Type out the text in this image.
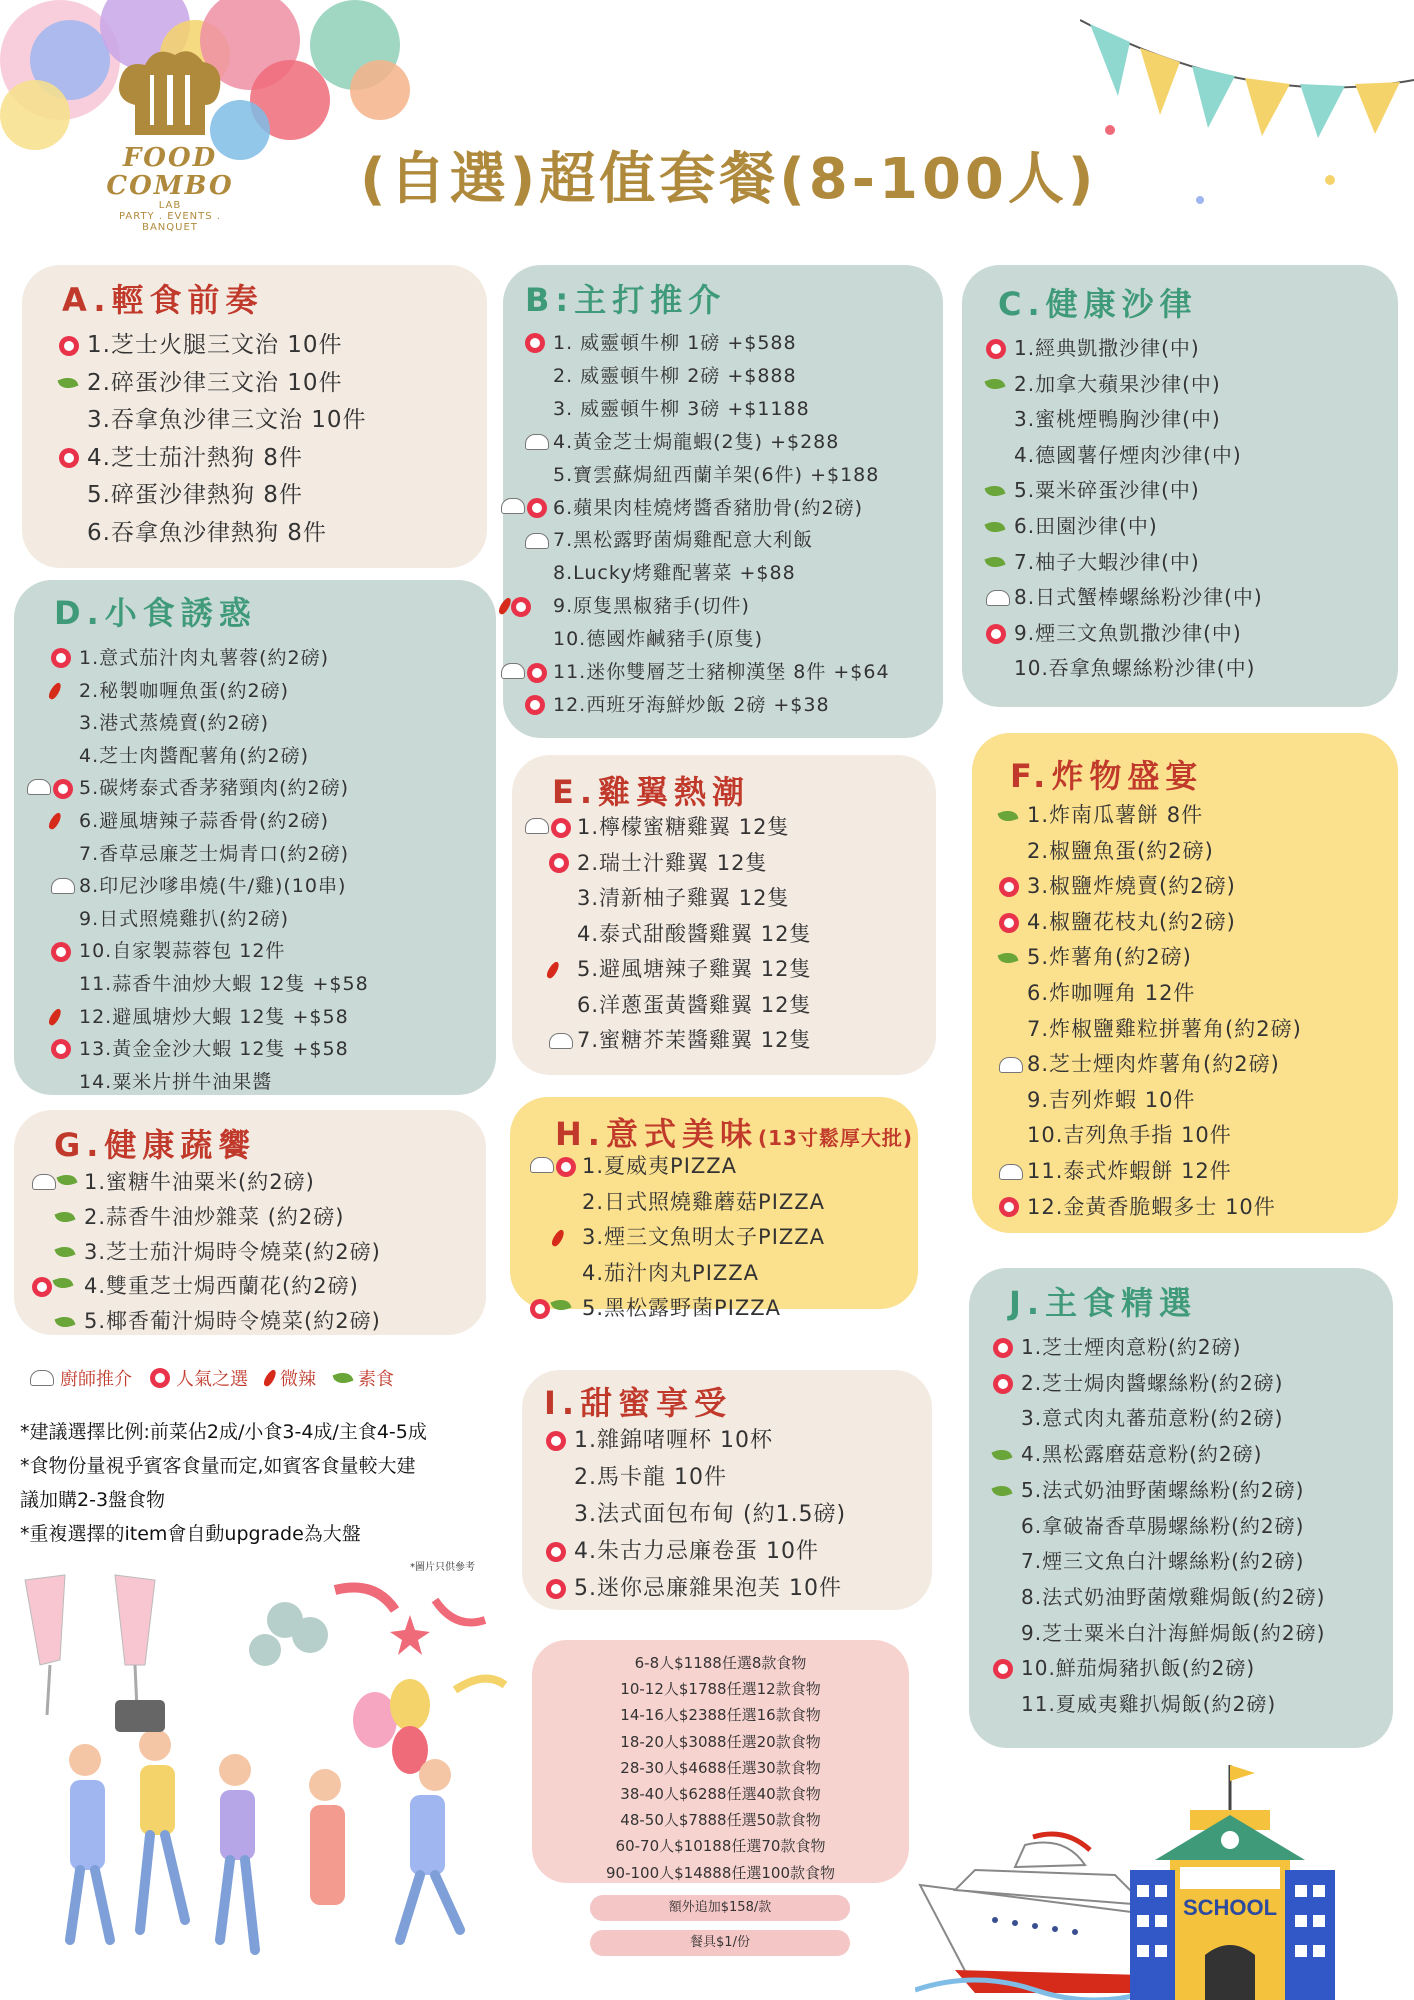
FOOD
COMBO
LAB
PARTY . EVENTS . BANQUET
(自選)超值套餐(8-100人)
A.輕食前奏
1.芝士火腿三文治 10件
2.碎蛋沙律三文治 10件
3.吞拿魚沙律三文治 10件
4.芝士茄汁熱狗 8件
5.碎蛋沙律熱狗 8件
6.吞拿魚沙律熱狗 8件
B:主打推介
1. 威靈頓牛柳 1磅 +$588
2. 威靈頓牛柳 2磅 +$888
3. 威靈頓牛柳 3磅 +$1188
4.黃金芝士焗龍蝦(2隻) +$288
5.寶雲蘇焗紐西蘭羊架(6件) +$188
6.蘋果肉桂燒烤醬香豬肋骨(約2磅)
7.黑松露野菌焗雞配意大利飯
8.Lucky烤雞配薯菜 +$88
9.原隻黑椒豬手(切件)
10.德國炸鹹豬手(原隻)
11.迷你雙層芝士豬柳漢堡 8件 +$64
12.西班牙海鮮炒飯 2磅 +$38
C.健康沙律
1.經典凱撒沙律(中)
2.加拿大蘋果沙律(中)
3.蜜桃煙鴨胸沙律(中)
4.德國薯仔煙肉沙律(中)
5.粟米碎蛋沙律(中)
6.田園沙律(中)
7.柚子大蝦沙律(中)
8.日式蟹棒螺絲粉沙律(中)
9.煙三文魚凱撒沙律(中)
10.吞拿魚螺絲粉沙律(中)
D.小食誘惑
1.意式茄汁肉丸薯蓉(約2磅)
2.秘製咖喱魚蛋(約2磅)
3.港式蒸燒賣(約2磅)
4.芝士肉醬配薯角(約2磅)
5.碳烤泰式香茅豬頸肉(約2磅)
6.避風塘辣子蒜香骨(約2磅)
7.香草忌廉芝士焗青口(約2磅)
8.印尼沙嗲串燒(牛/雞)(10串)
9.日式照燒雞扒(約2磅)
10.自家製蒜蓉包 12件
11.蒜香牛油炒大蝦 12隻 +$58
12.避風塘炒大蝦 12隻 +$58
13.黃金金沙大蝦 12隻 +$58
14.粟米片拼牛油果醬
E.雞翼熱潮
1.檸檬蜜糖雞翼 12隻
2.瑞士汁雞翼 12隻
3.清新柚子雞翼 12隻
4.泰式甜酸醬雞翼 12隻
5.避風塘辣子雞翼 12隻
6.洋蔥蛋黃醬雞翼 12隻
7.蜜糖芥茉醬雞翼 12隻
F.炸物盛宴
1.炸南瓜薯餅 8件
2.椒鹽魚蛋(約2磅)
3.椒鹽炸燒賣(約2磅)
4.椒鹽花枝丸(約2磅)
5.炸薯角(約2磅)
6.炸咖喱角 12件
7.炸椒鹽雞粒拼薯角(約2磅)
8.芝士煙肉炸薯角(約2磅)
9.吉列炸蝦 10件
10.吉列魚手指 10件
11.泰式炸蝦餅 12件
12.金黃香脆蝦多士 10件
G.健康蔬饗
1.蜜糖牛油粟米(約2磅)
2.蒜香牛油炒雜菜 (約2磅)
3.芝士茄汁焗時令燒菜(約2磅)
4.雙重芝士焗西蘭花(約2磅)
5.椰香葡汁焗時令燒菜(約2磅)
H.意式美味(13寸鬆厚大批)
1.夏威夷PIZZA
2.日式照燒雞蘑菇PIZZA
3.煙三文魚明太子PIZZA
4.茄汁肉丸PIZZA
5.黑松露野菌PIZZA
I.甜蜜享受
1.雜錦啫喱杯 10杯
2.馬卡龍 10件
3.法式面包布甸 (約1.5磅)
4.朱古力忌廉卷蛋 10件
5.迷你忌廉雜果泡芙 10件
J.主食精選
1.芝士煙肉意粉(約2磅)
2.芝士焗肉醬螺絲粉(約2磅)
3.意式肉丸蕃茄意粉(約2磅)
4.黑松露磨菇意粉(約2磅)
5.法式奶油野菌螺絲粉(約2磅)
6.拿破崙香草腸螺絲粉(約2磅)
7.煙三文魚白汁螺絲粉(約2磅)
8.法式奶油野菌燉雞焗飯(約2磅)
9.芝士粟米白汁海鮮焗飯(約2磅)
10.鮮茄焗豬扒飯(約2磅)
11.夏威夷雞扒焗飯(約2磅)
廚師推介 人氣之選 微辣 素食

*建議選擇比例:前菜佔2成/小食3-4成/主食4-5成

*食物份量視乎賓客食量而定,如賓客食量較大建

議加購2-3盤食物

*重複選擇的item會自動upgrade為大盤

*圖片只供參考
6-8人$1188任選8款食物
10-12人$1788任選12款食物
14-16人$2388任選16款食物
18-20人$3088任選20款食物
28-30人$4688任選30款食物
38-40人$6288任選40款食物
48-50人$7888任選50款食物
60-70人$10188任選70款食物
90-100人$14888任選100款食物
額外追加$158/款
餐具$1/份
SCHOOL
